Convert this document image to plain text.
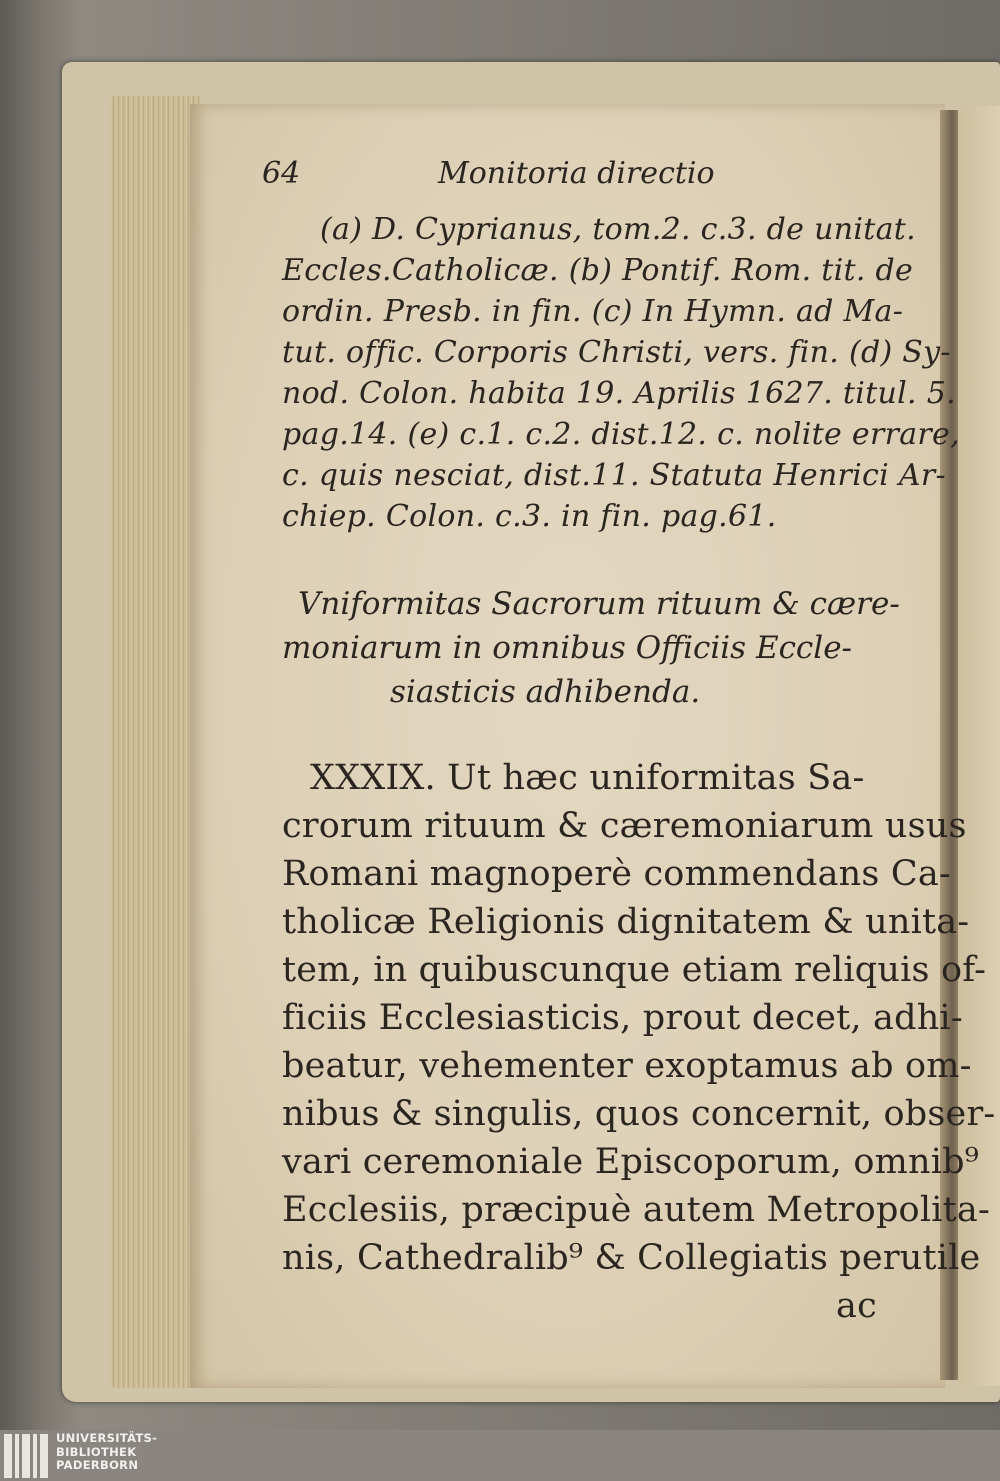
64	Monitoria directio
(a) D. Cyprianus, tom.2. c.3. de unitat.
Eccles.Catholicæ. (b) Pontif. Rom. tit. de
ordin. Presb. in fin. (c) In Hymn. ad Ma-
tut. offic. Corporis Christi, vers. fin. (d) Sy-
nod. Colon. habita 19. Aprilis 1627. titul. 5.
pag.14. (e) c.1. c.2. dist.12. c. nolite errare,
c. quis nesciat, dist.11. Statuta Henrici Ar-
chiep. Colon. c.3. in fin. pag.61.
Vniformitas Sacrorum rituum & cære-
moniarum in omnibus Officiis Eccle-
siasticis adhibenda.
XXXIX. Ut hæc uniformitas Sa-
crorum rituum & cæremoniarum usus
Romani magnoperè commendans Ca-
tholicæ Religionis dignitatem & unita-
tem, in quibuscunque etiam reliquis of-
ficiis Ecclesiasticis, prout decet, adhi-
beatur, vehementer exoptamus ab om-
nibus & singulis, quos concernit, obser-
vari ceremoniale Episcoporum, omnib⁹
Ecclesiis, præcipuè autem Metropolita-
nis, Cathedralib⁹ & Collegiatis perutile
ac
UNIVERSITÄTS-
BIBLIOTHEK
PADERBORN
